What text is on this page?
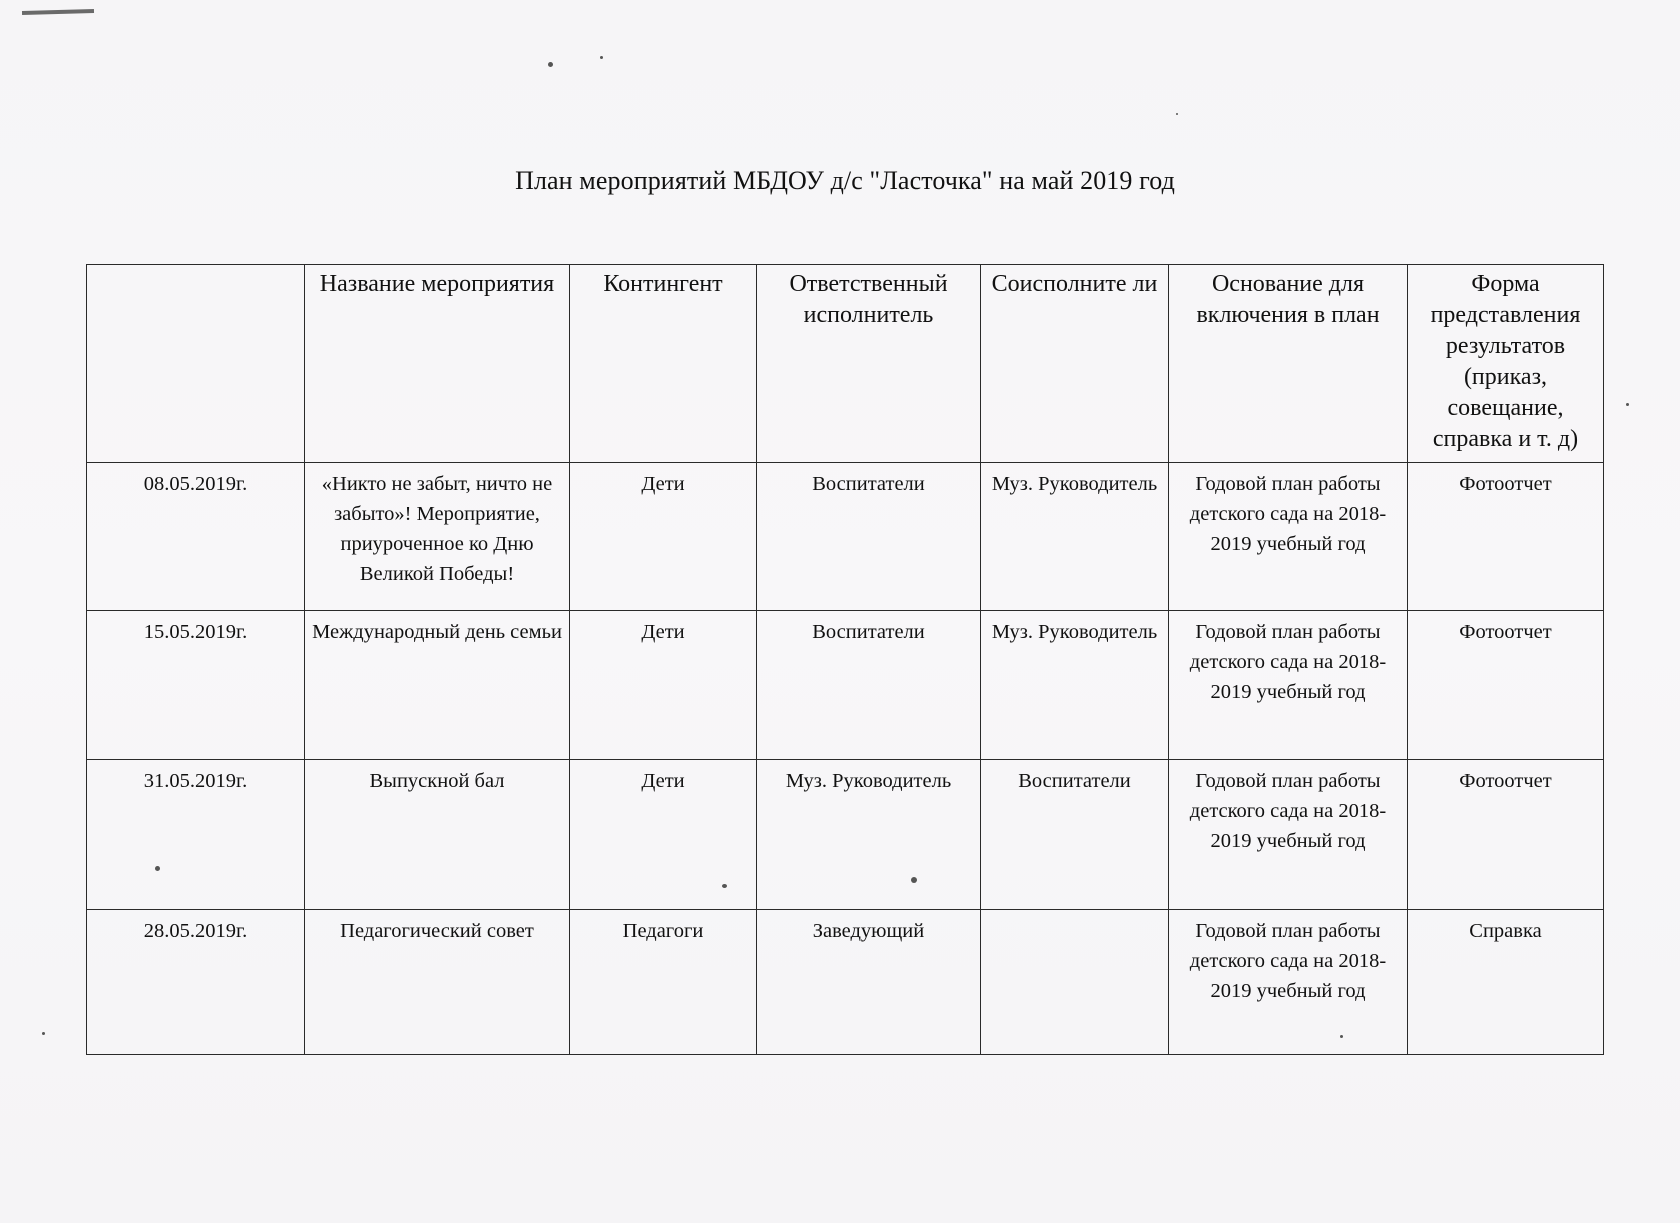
План мероприятий МБДОУ д/с "Ласточка" на май 2019 год
	Название мероприятия	Контингент	Ответственный исполнитель	Соисполните ли	Основание для включения в план	Форма представления результатов (приказ, совещание, справка и т. д)
08.05.2019г.	«Никто не забыт, ничто не забыто»! Мероприятие, приуроченное ко Дню Великой Победы!	Дети	Воспитатели	Муз. Руководитель	Годовой план работы детского сада на 2018-2019 учебный год	Фотоотчет
15.05.2019г.	Международный день семьи	Дети	Воспитатели	Муз. Руководитель	Годовой план работы детского сада на 2018-2019 учебный год	Фотоотчет
31.05.2019г.	Выпускной бал	Дети	Муз. Руководитель	Воспитатели	Годовой план работы детского сада на 2018-2019 учебный год	Фотоотчет
28.05.2019г.	Педагогический совет	Педагоги	Заведующий		Годовой план работы детского сада на 2018-2019 учебный год	Справка
